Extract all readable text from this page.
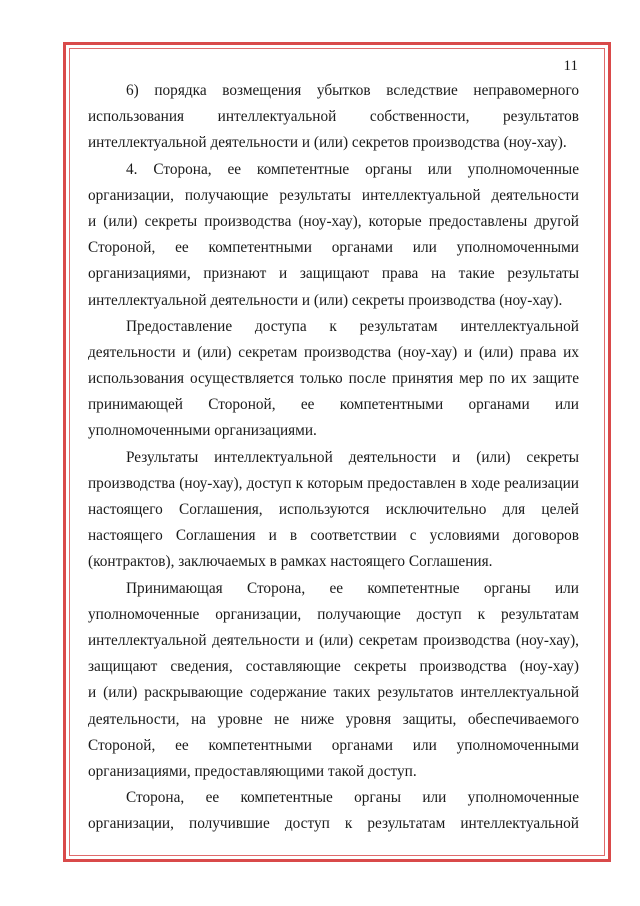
11
6) порядка возмещения убытков вследствие неправомерного
использования интеллектуальной собственности, результатов
интеллектуальной деятельности и (или) секретов производства (ноу-хау).
4. Сторона, ее компетентные органы или уполномоченные
организации, получающие результаты интеллектуальной деятельности
и (или) секреты производства (ноу-хау), которые предоставлены другой
Стороной, ее компетентными органами или уполномоченными
организациями, признают и защищают права на такие результаты
интеллектуальной деятельности и (или) секреты производства (ноу-хау).
Предоставление доступа к результатам интеллектуальной
деятельности и (или) секретам производства (ноу-хау) и (или) права их
использования осуществляется только после принятия мер по их защите
принимающей Стороной, ее компетентными органами или
уполномоченными организациями.
Результаты интеллектуальной деятельности и (или) секреты
производства (ноу-хау), доступ к которым предоставлен в ходе реализации
настоящего Соглашения, используются исключительно для целей
настоящего Соглашения и в соответствии с условиями договоров
(контрактов), заключаемых в рамках настоящего Соглашения.
Принимающая Сторона, ее компетентные органы или
уполномоченные организации, получающие доступ к результатам
интеллектуальной деятельности и (или) секретам производства (ноу-хау),
защищают сведения, составляющие секреты производства (ноу-хау)
и (или) раскрывающие содержание таких результатов интеллектуальной
деятельности, на уровне не ниже уровня защиты, обеспечиваемого
Стороной, ее компетентными органами или уполномоченными
организациями, предоставляющими такой доступ.
Сторона, ее компетентные органы или уполномоченные
организации, получившие доступ к результатам интеллектуальной
